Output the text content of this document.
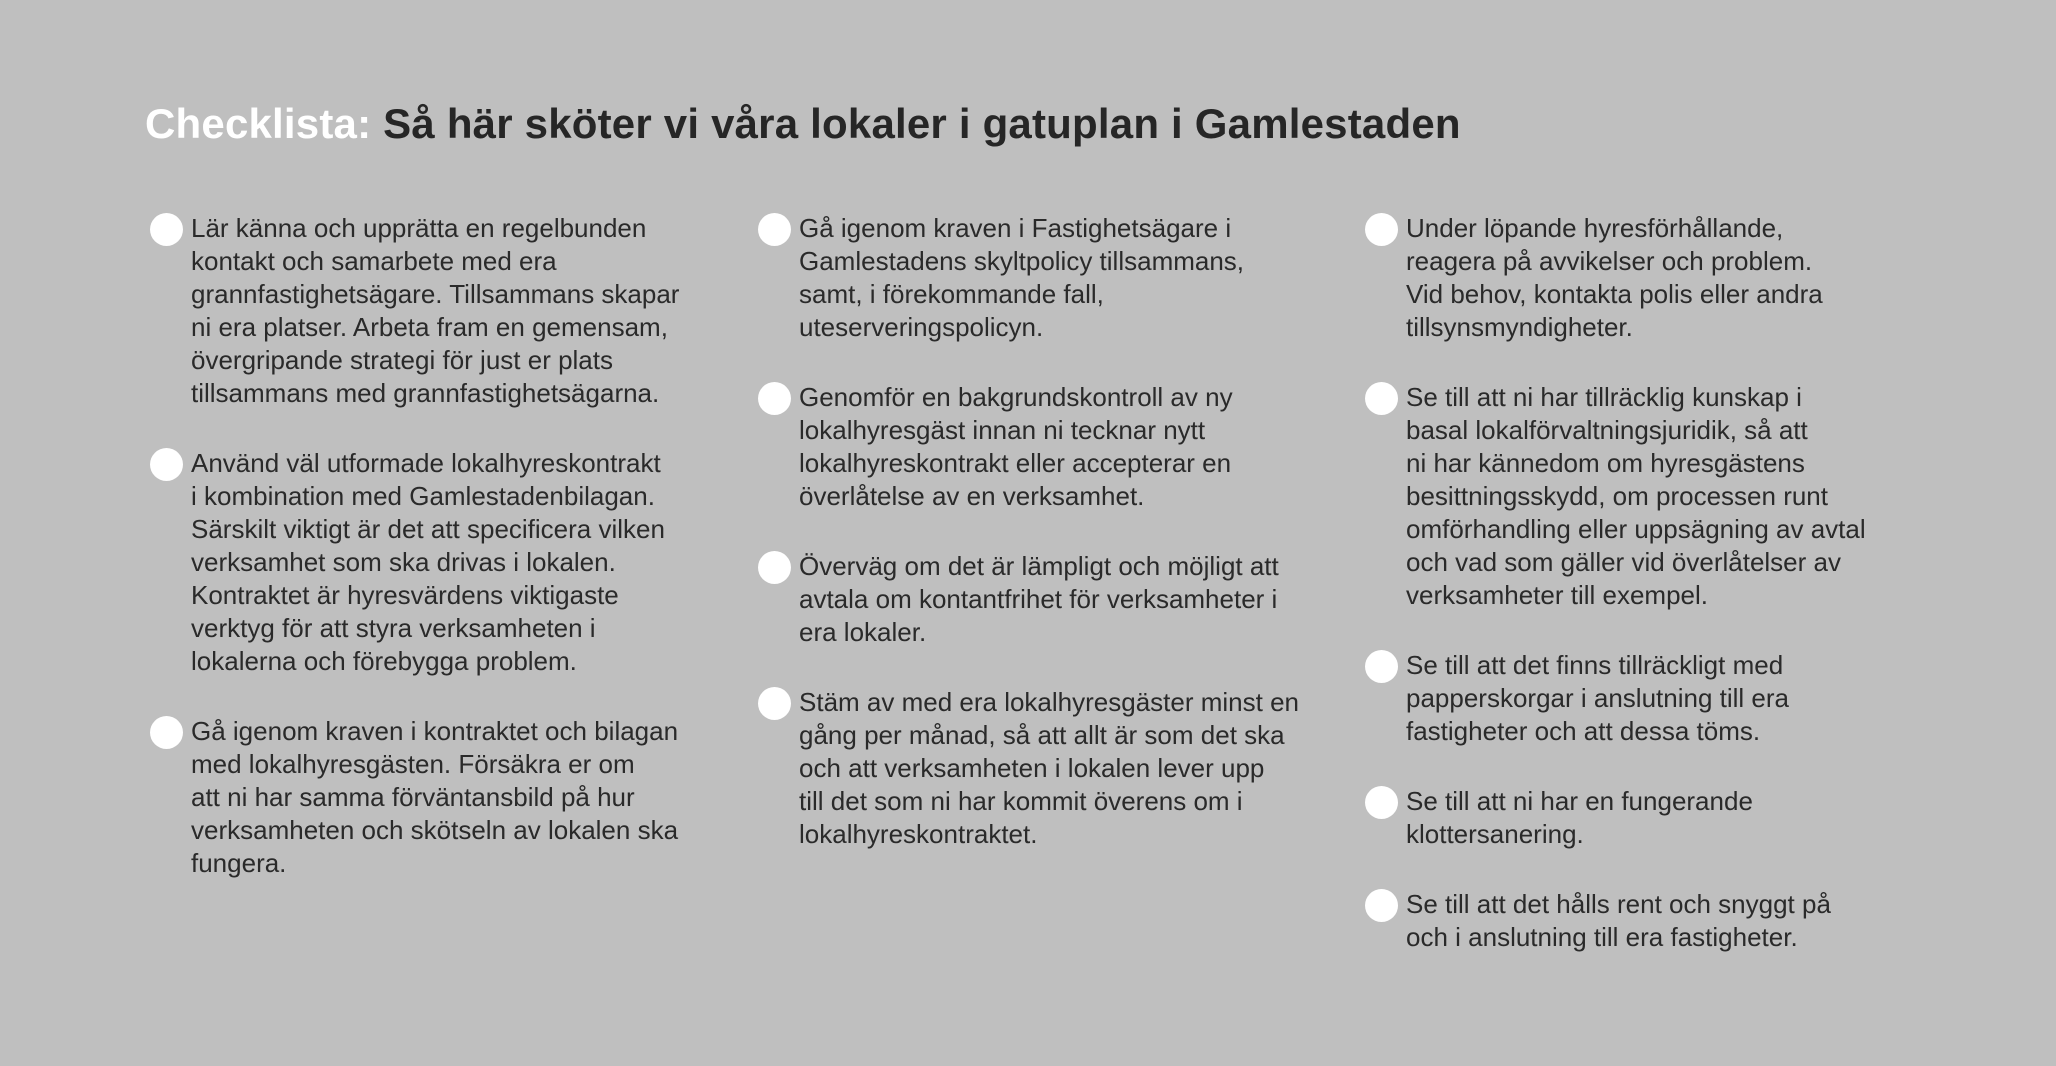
Checklista: Så här sköter vi våra lokaler i gatuplan i Gamlestaden
Lär känna och upprätta en regelbunden
kontakt och samarbete med era
grannfastighetsägare. Tillsammans skapar
ni era platser. Arbeta fram en gemensam,
övergripande strategi för just er plats
tillsammans med grannfastighetsägarna.
Använd väl utformade lokalhyreskontrakt
i kombination med Gamlestadenbilagan.
Särskilt viktigt är det att specificera vilken
verksamhet som ska drivas i lokalen.
Kontraktet är hyresvärdens viktigaste
verktyg för att styra verksamheten i
lokalerna och förebygga problem.
Gå igenom kraven i kontraktet och bilagan
med lokalhyresgästen. Försäkra er om
att ni har samma förväntansbild på hur
verksamheten och skötseln av lokalen ska
fungera.
Gå igenom kraven i Fastighetsägare i
Gamlestadens skyltpolicy tillsammans,
samt, i förekommande fall,
uteserveringspolicyn.
Genomför en bakgrundskontroll av ny
lokalhyresgäst innan ni tecknar nytt
lokalhyreskontrakt eller accepterar en
överlåtelse av en verksamhet.
Överväg om det är lämpligt och möjligt att
avtala om kontantfrihet för verksamheter i
era lokaler.
Stäm av med era lokalhyresgäster minst en
gång per månad, så att allt är som det ska
och att verksamheten i lokalen lever upp
till det som ni har kommit överens om i
lokalhyreskontraktet.
Under löpande hyresförhållande,
reagera på avvikelser och problem.
Vid behov, kontakta polis eller andra
tillsynsmyndigheter.
Se till att ni har tillräcklig kunskap i
basal lokalförvaltningsjuridik, så att
ni har kännedom om hyresgästens
besittningsskydd, om processen runt
omförhandling eller uppsägning av avtal
och vad som gäller vid överlåtelser av
verksamheter till exempel.
Se till att det finns tillräckligt med
papperskorgar i anslutning till era
fastigheter och att dessa töms.
Se till att ni har en fungerande
klottersanering.
Se till att det hålls rent och snyggt på
och i anslutning till era fastigheter.
